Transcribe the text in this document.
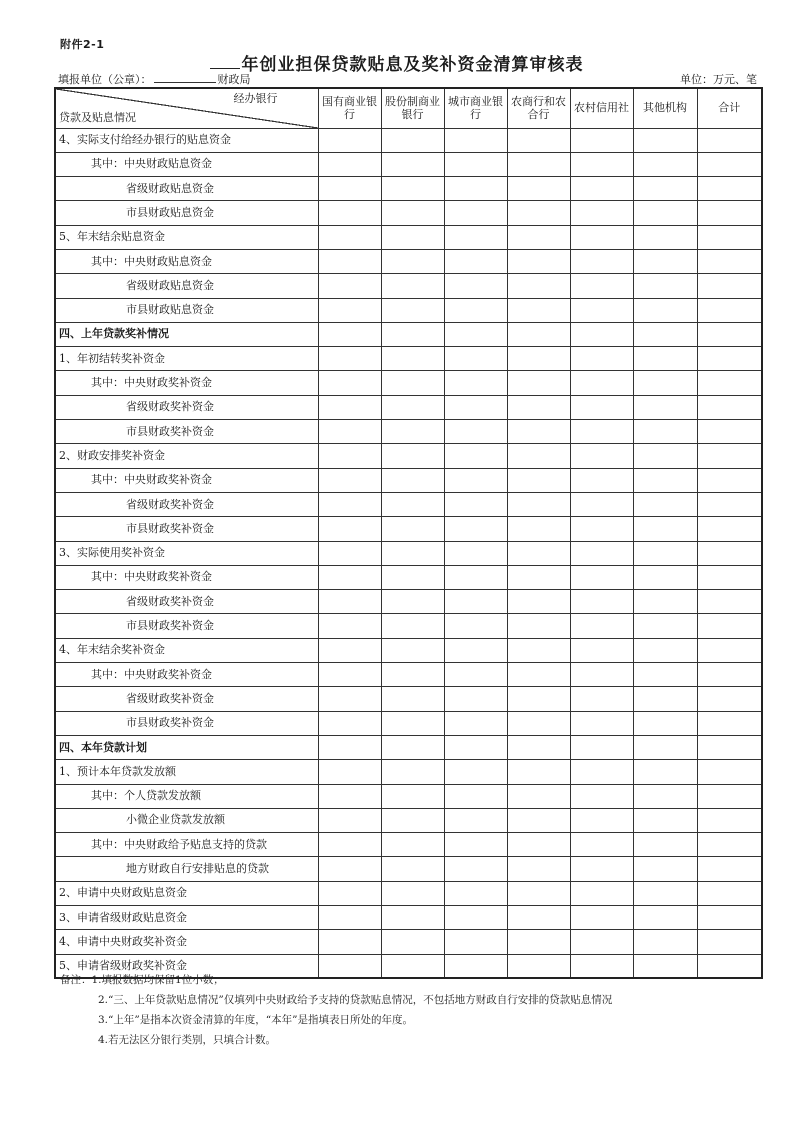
附件2-1
年创业担保贷款贴息及奖补资金清算审核表
填报单位（公章）：	财政局	单位：万元、笔
经办银行
贷款及贴息情况	国有商业银行	股份制商业银行	城市商业银行	农商行和农合行	农村信用社	其他机构	合计
4、实际支付给经办银行的贴息资金							
其中：中央财政贴息资金							
省级财政贴息资金							
市县财政贴息资金							
5、年末结余贴息资金							
其中：中央财政贴息资金							
省级财政贴息资金							
市县财政贴息资金							
四、上年贷款奖补情况							
1、年初结转奖补资金							
其中：中央财政奖补资金							
省级财政奖补资金							
市县财政奖补资金							
2、财政安排奖补资金							
其中：中央财政奖补资金							
省级财政奖补资金							
市县财政奖补资金							
3、实际使用奖补资金							
其中：中央财政奖补资金							
省级财政奖补资金							
市县财政奖补资金							
4、年末结余奖补资金							
其中：中央财政奖补资金							
省级财政奖补资金							
市县财政奖补资金							
四、本年贷款计划							
1、预计本年贷款发放额							
其中：个人贷款发放额							
小微企业贷款发放额							
其中：中央财政给予贴息支持的贷款							
地方财政自行安排贴息的贷款							
2、申请中央财政贴息资金							
3、申请省级财政贴息资金							
4、申请中央财政奖补资金							
5、申请省级财政奖补资金							
备注：1.填报数据均保留1位小数；
2.“三、上年贷款贴息情况”仅填列中央财政给予支持的贷款贴息情况，不包括地方财政自行安排的贷款贴息情况
3.“上年”是指本次资金清算的年度，“本年”是指填表日所处的年度。
4.若无法区分银行类别，只填合计数。
